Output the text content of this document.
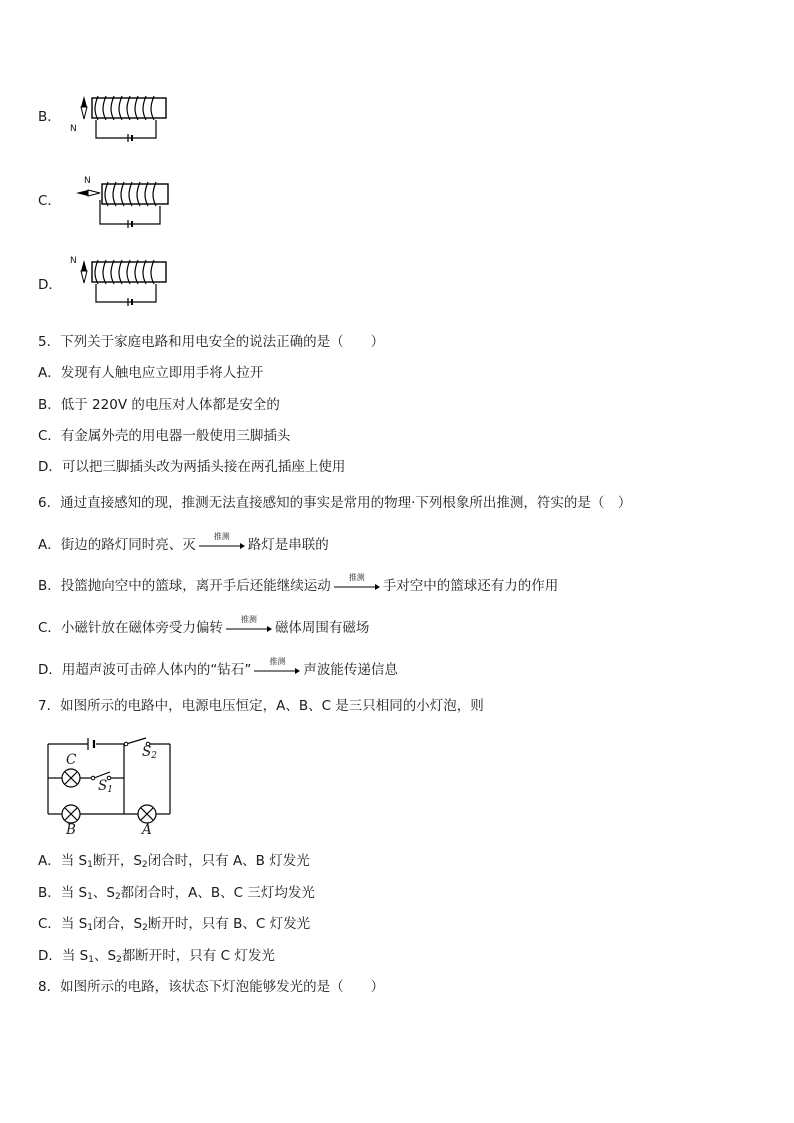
B．
N
C．
N
D．
N
5．下列关于家庭电路和用电安全的说法正确的是（　　）
A．发现有人触电应立即用手将人拉开
B．低于 220V 的电压对人体都是安全的
C．有金属外壳的用电器一般使用三脚插头
D．可以把三脚插头改为两插头接在两孔插座上使用
6．通过直接感知的现，推测无法直接感知的事实是常用的物理·下列根象所出推测，符实的是（　）
A．街边的路灯同时亮、灭
推测
路灯是串联的
B．投篮抛向空中的篮球，离开手后还能继续运动
推测
手对空中的篮球还有力的作用
C．小磁针放在磁体旁受力偏转
推测
磁体周围有磁场
D．用超声波可击碎人体内的“钻石”
推测
声波能传递信息
7．如图所示的电路中，电源电压恒定，A、B、C 是三只相同的小灯泡，则
C
B	A
$S_1$
$S_2$
A．当 $S_1$断开，$S_2$闭合时，只有 A、B 灯发光
B．当 $S_1$、$S_2$都闭合时，A、B、C 三灯均发光
C．当 $S_1$闭合，$S_2$断开时，只有 B、C 灯发光
D．当 $S_1$、$S_2$都断开时，只有 C 灯发光
8．如图所示的电路，该状态下灯泡能够发光的是（　　）
